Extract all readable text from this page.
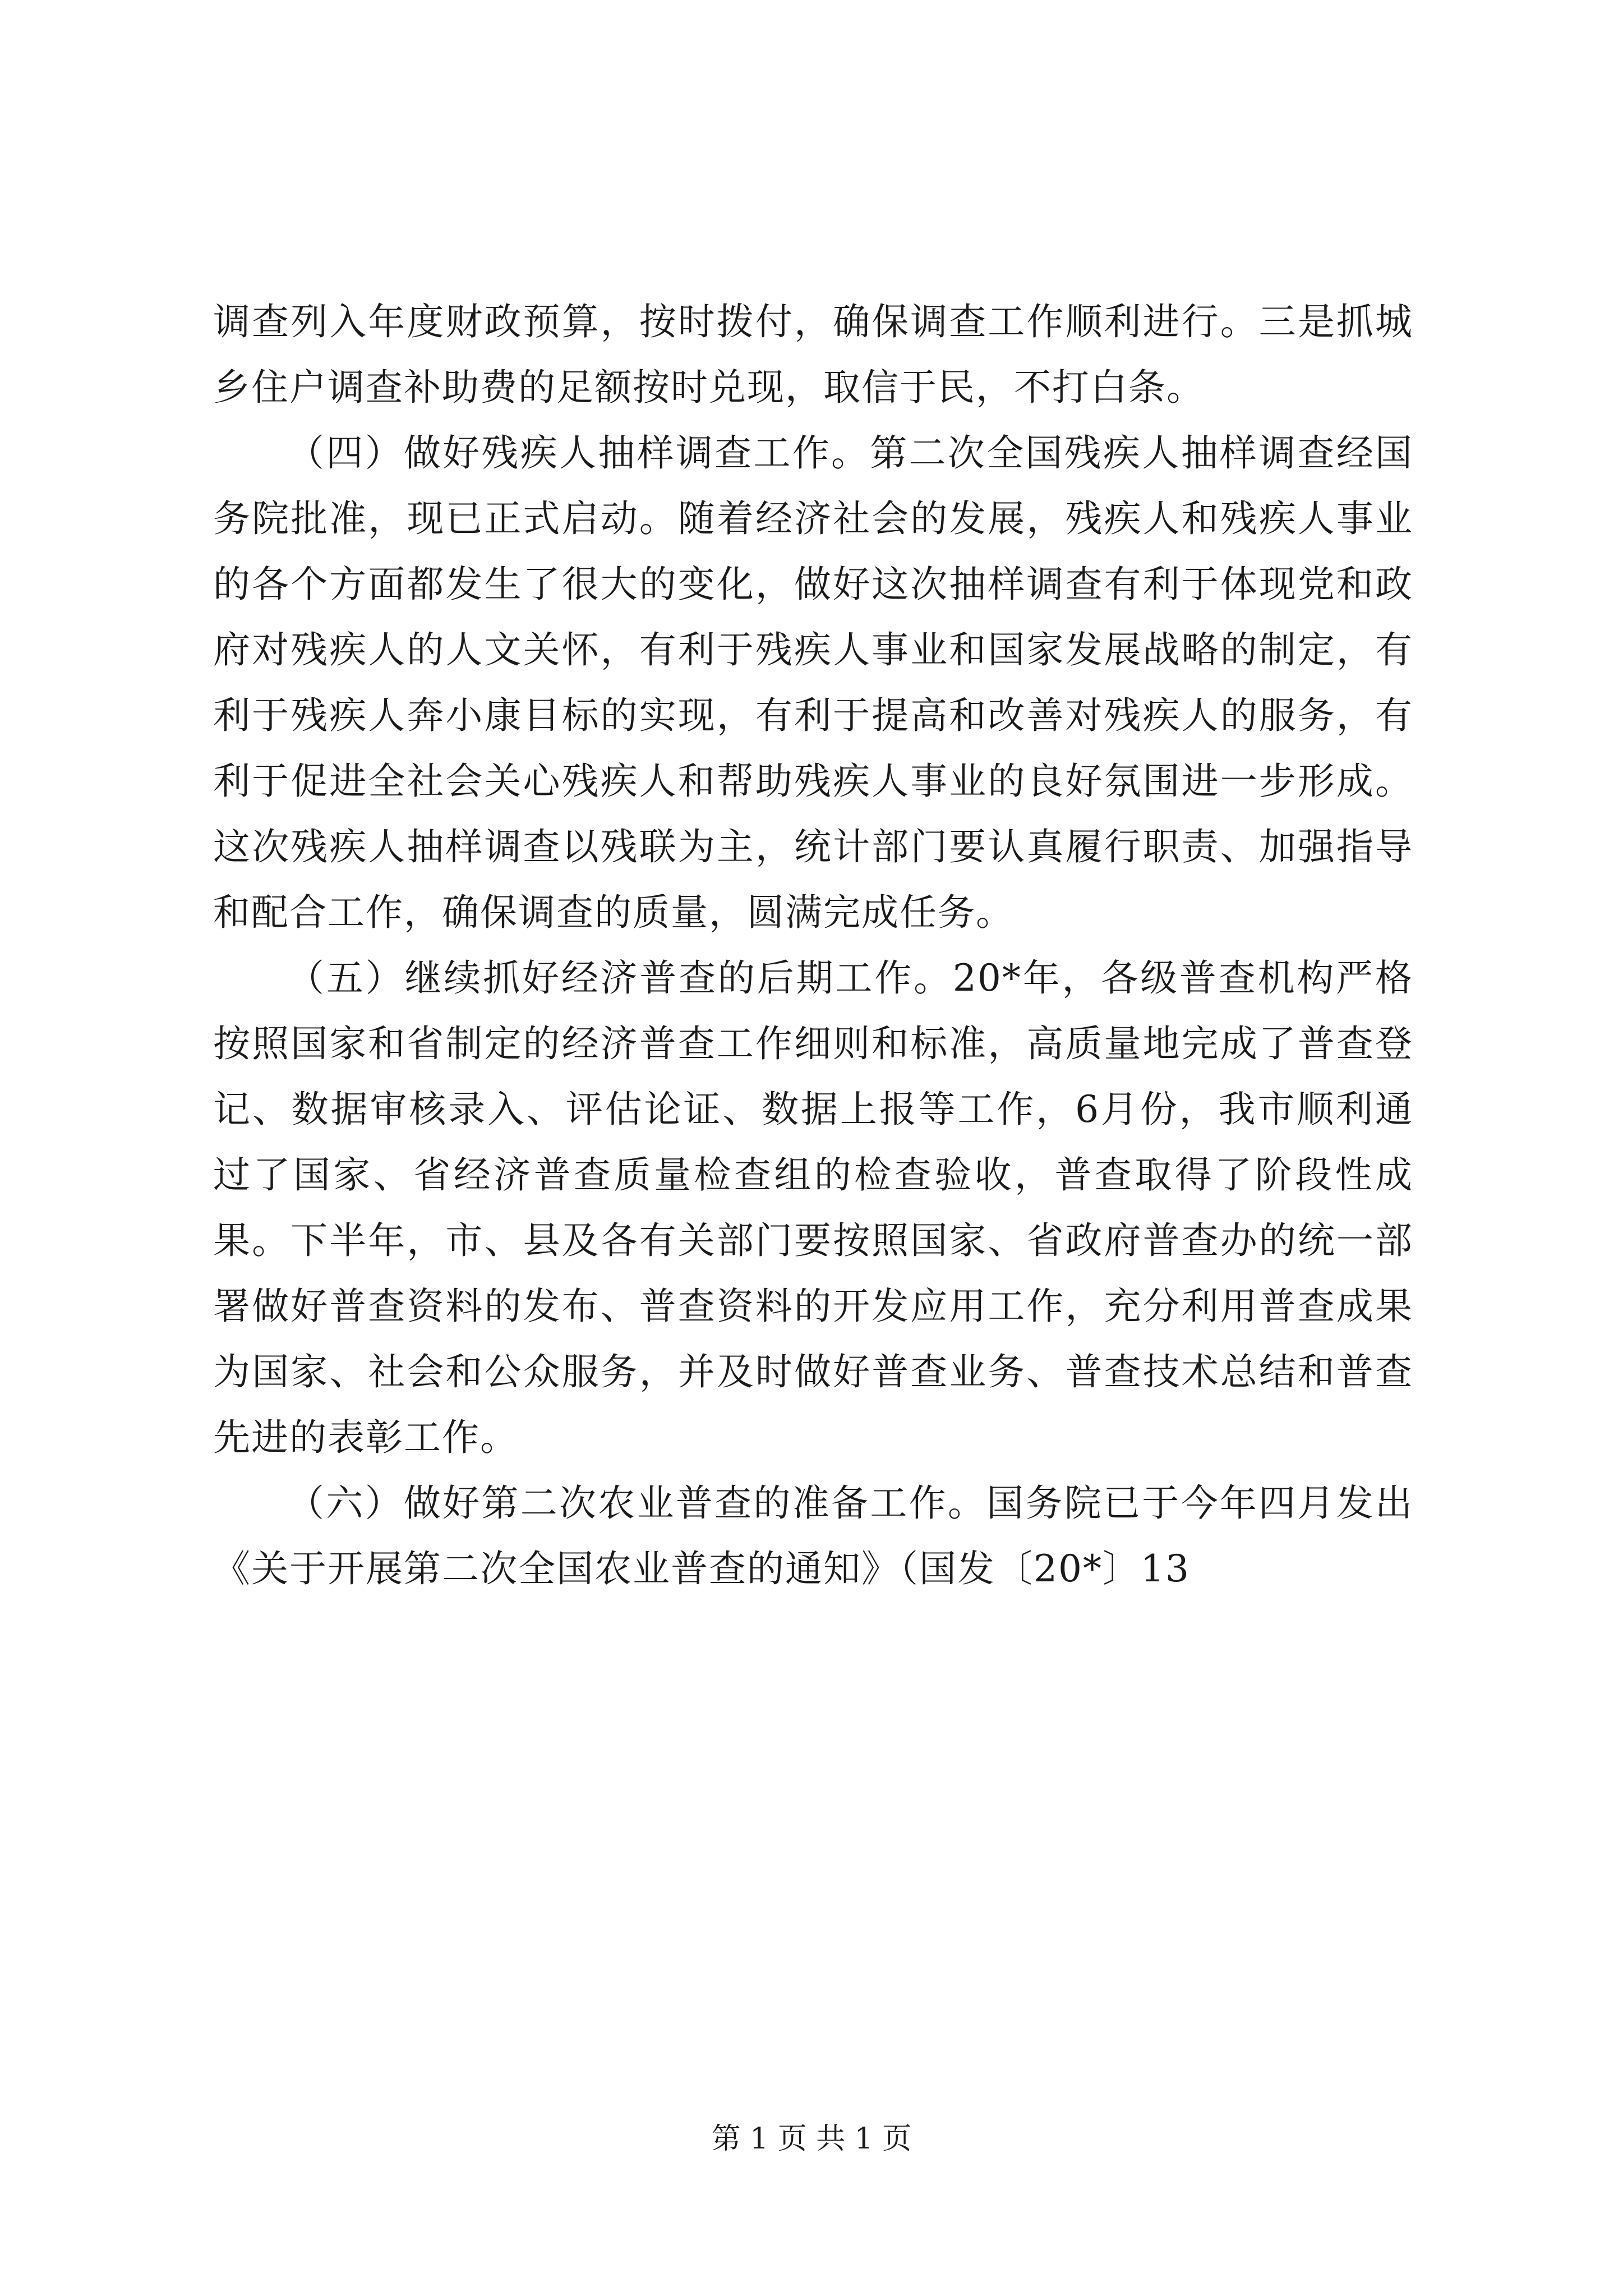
调查列入年度财政预算，按时拨付，确保调查工作顺利进行。三是抓城乡住户调查补助费的足额按时兑现，取信于民，不打白条。

（四）做好残疾人抽样调查工作。第二次全国残疾人抽样调查经国务院批准，现已正式启动。随着经济社会的发展，残疾人和残疾人事业的各个方面都发生了很大的变化，做好这次抽样调查有利于体现党和政府对残疾人的人文关怀，有利于残疾人事业和国家发展战略的制定，有利于残疾人奔小康目标的实现，有利于提高和改善对残疾人的服务，有利于促进全社会关心残疾人和帮助残疾人事业的良好氛围进一步形成。这次残疾人抽样调查以残联为主，统计部门要认真履行职责、加强指导和配合工作，确保调查的质量，圆满完成任务。

（五）继续抓好经济普查的后期工作。20*年，各级普查机构严格按照国家和省制定的经济普查工作细则和标准，高质量地完成了普查登记、数据审核录入、评估论证、数据上报等工作，6月份，我市顺利通过了国家、省经济普查质量检查组的检查验收，普查取得了阶段性成果。下半年，市、县及各有关部门要按照国家、省政府普查办的统一部署做好普查资料的发布、普查资料的开发应用工作，充分利用普查成果为国家、社会和公众服务，并及时做好普查业务、普查技术总结和普查先进的表彰工作。

（六）做好第二次农业普查的准备工作。国务院已于今年四月发出《关于开展第二次全国农业普查的通知》（国发〔20*〕13

第 1 页 共 1 页
